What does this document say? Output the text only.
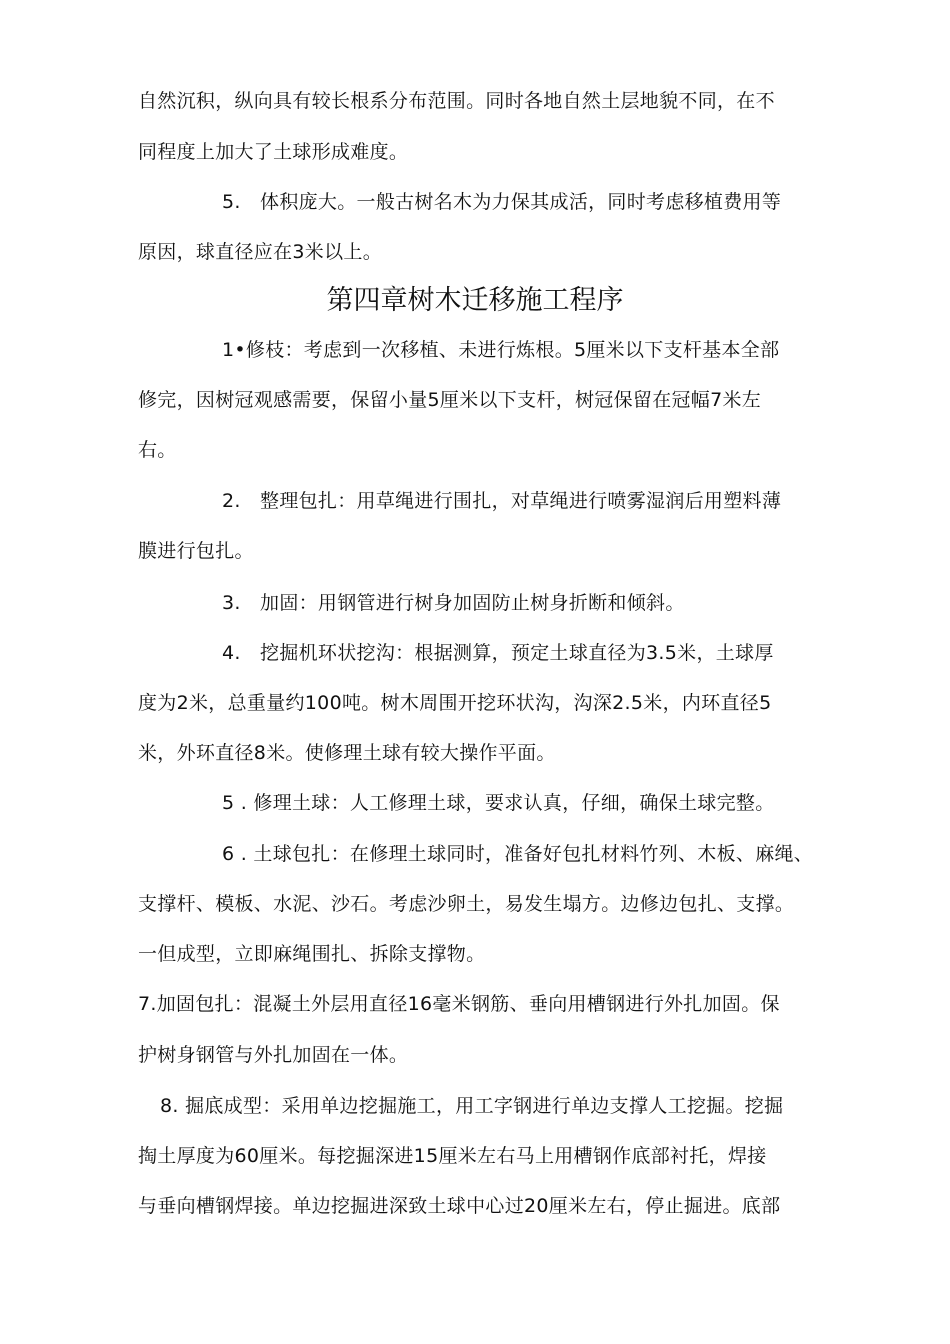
自然沉积，纵向具有较长根系分布范围。同时各地自然土层地貌不同，在不
同程度上加大了土球形成难度。
5.　体积庞大。一般古树名木为力保其成活，同时考虑移植费用等
原因，球直径应在3米以上。
第四章树木迁移施工程序
1•修枝：考虑到一次移植、未进行炼根。5厘米以下支杆基本全部
修完，因树冠观感需要，保留小量5厘米以下支杆，树冠保留在冠幅7米左
右。
2.　整理包扎：用草绳进行围扎，对草绳进行喷雾湿润后用塑料薄
膜进行包扎。
3.　加固：用钢管进行树身加固防止树身折断和倾斜。
4.　挖掘机环状挖沟：根据测算，预定土球直径为3.5米，土球厚
度为2米，总重量约100吨。树木周围开挖环状沟，沟深2.5米，内环直径5
米，外环直径8米。使修理土球有较大操作平面。
5 . 修理土球：人工修理土球，要求认真，仔细，确保土球完整。
6 . 土球包扎：在修理土球同时，准备好包扎材料竹列、木板、麻绳、
支撑杆、模板、水泥、沙石。考虑沙卵土，易发生塌方。边修边包扎、支撑。
一但成型，立即麻绳围扎、拆除支撑物。
7.加固包扎：混凝土外层用直径16毫米钢筋、垂向用槽钢进行外扎加固。保
护树身钢管与外扎加固在一体。
8. 掘底成型：采用单边挖掘施工，用工字钢进行单边支撑人工挖掘。挖掘
掏土厚度为60厘米。每挖掘深进15厘米左右马上用槽钢作底部衬托，焊接
与垂向槽钢焊接。单边挖掘进深致土球中心过20厘米左右，停止掘进。底部
